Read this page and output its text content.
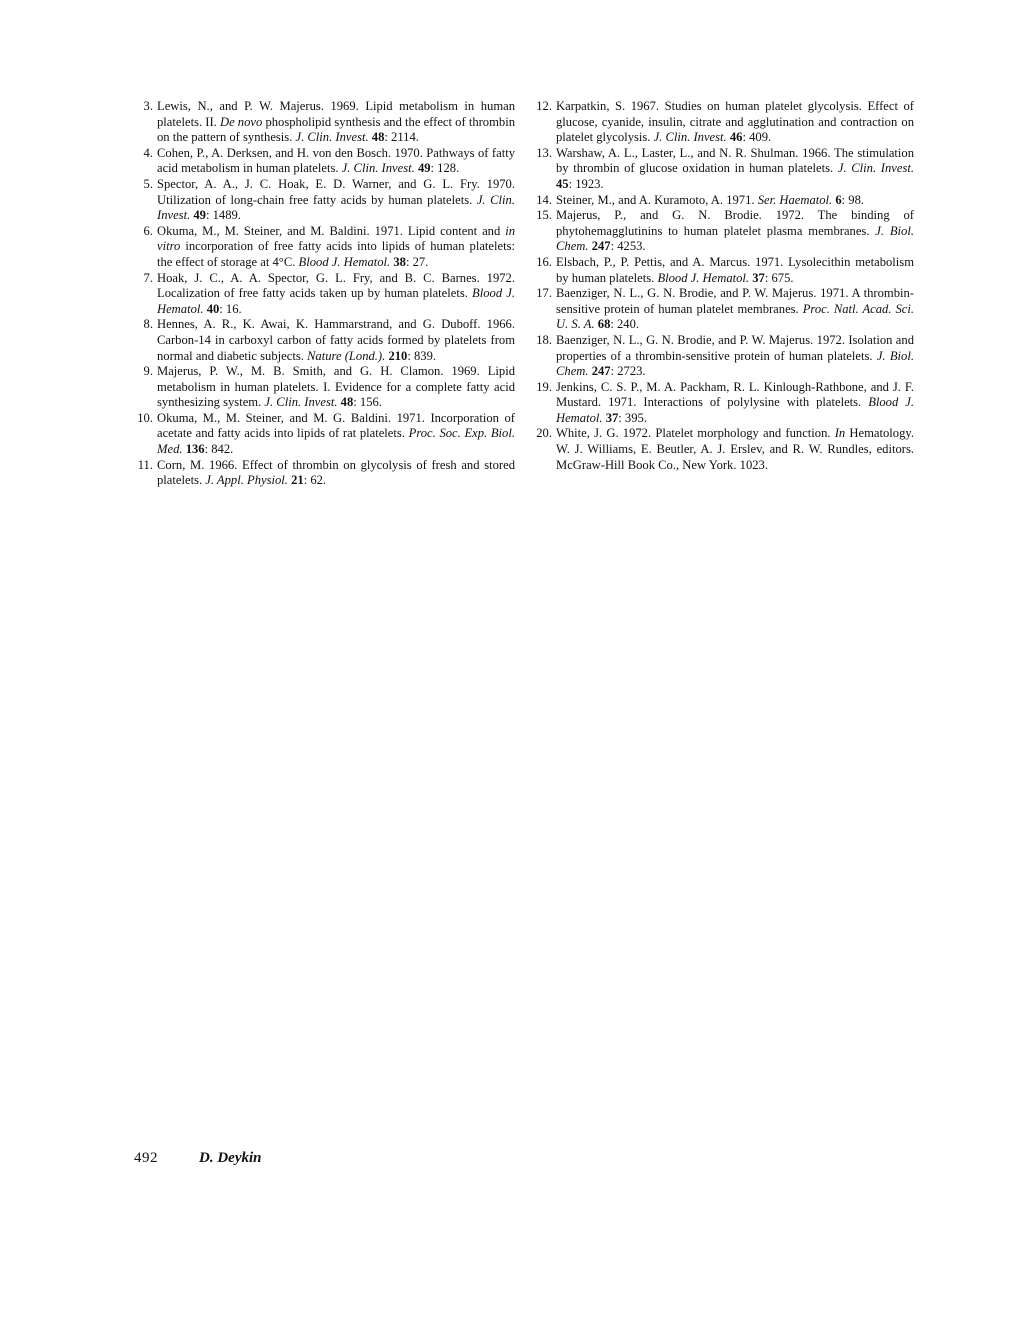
3. Lewis, N., and P. W. Majerus. 1969. Lipid metabolism in human platelets. II. De novo phospholipid synthesis and the effect of thrombin on the pattern of synthesis. J. Clin. Invest. 48: 2114.
4. Cohen, P., A. Derksen, and H. von den Bosch. 1970. Pathways of fatty acid metabolism in human platelets. J. Clin. Invest. 49: 128.
5. Spector, A. A., J. C. Hoak, E. D. Warner, and G. L. Fry. 1970. Utilization of long-chain free fatty acids by human platelets. J. Clin. Invest. 49: 1489.
6. Okuma, M., M. Steiner, and M. Baldini. 1971. Lipid content and in vitro incorporation of free fatty acids into lipids of human platelets: the effect of storage at 4°C. Blood J. Hematol. 38: 27.
7. Hoak, J. C., A. A. Spector, G. L. Fry, and B. C. Barnes. 1972. Localization of free fatty acids taken up by human platelets. Blood J. Hematol. 40: 16.
8. Hennes, A. R., K. Awai, K. Hammarstrand, and G. Duboff. 1966. Carbon-14 in carboxyl carbon of fatty acids formed by platelets from normal and diabetic subjects. Nature (Lond.). 210: 839.
9. Majerus, P. W., M. B. Smith, and G. H. Clamon. 1969. Lipid metabolism in human platelets. I. Evidence for a complete fatty acid synthesizing system. J. Clin. Invest. 48: 156.
10. Okuma, M., M. Steiner, and M. G. Baldini. 1971. Incorporation of acetate and fatty acids into lipids of rat platelets. Proc. Soc. Exp. Biol. Med. 136: 842.
11. Corn, M. 1966. Effect of thrombin on glycolysis of fresh and stored platelets. J. Appl. Physiol. 21: 62.
12. Karpatkin, S. 1967. Studies on human platelet glycolysis. Effect of glucose, cyanide, insulin, citrate and agglutination and contraction on platelet glycolysis. J. Clin. Invest. 46: 409.
13. Warshaw, A. L., Laster, L., and N. R. Shulman. 1966. The stimulation by thrombin of glucose oxidation in human platelets. J. Clin. Invest. 45: 1923.
14. Steiner, M., and A. Kuramoto, A. 1971. Ser. Haematol. 6: 98.
15. Majerus, P., and G. N. Brodie. 1972. The binding of phytohemagglutinins to human platelet plasma membranes. J. Biol. Chem. 247: 4253.
16. Elsbach, P., P. Pettis, and A. Marcus. 1971. Lysolecithin metabolism by human platelets. Blood J. Hematol. 37: 675.
17. Baenziger, N. L., G. N. Brodie, and P. W. Majerus. 1971. A thrombin-sensitive protein of human platelet membranes. Proc. Natl. Acad. Sci. U. S. A. 68: 240.
18. Baenziger, N. L., G. N. Brodie, and P. W. Majerus. 1972. Isolation and properties of a thrombin-sensitive protein of human platelets. J. Biol. Chem. 247: 2723.
19. Jenkins, C. S. P., M. A. Packham, R. L. Kinlough-Rathbone, and J. F. Mustard. 1971. Interactions of polylysine with platelets. Blood J. Hematol. 37: 395.
20. White, J. G. 1972. Platelet morphology and function. In Hematology. W. J. Williams, E. Beutler, A. J. Erslev, and R. W. Rundles, editors. McGraw-Hill Book Co., New York. 1023.
492	D. Deykin
